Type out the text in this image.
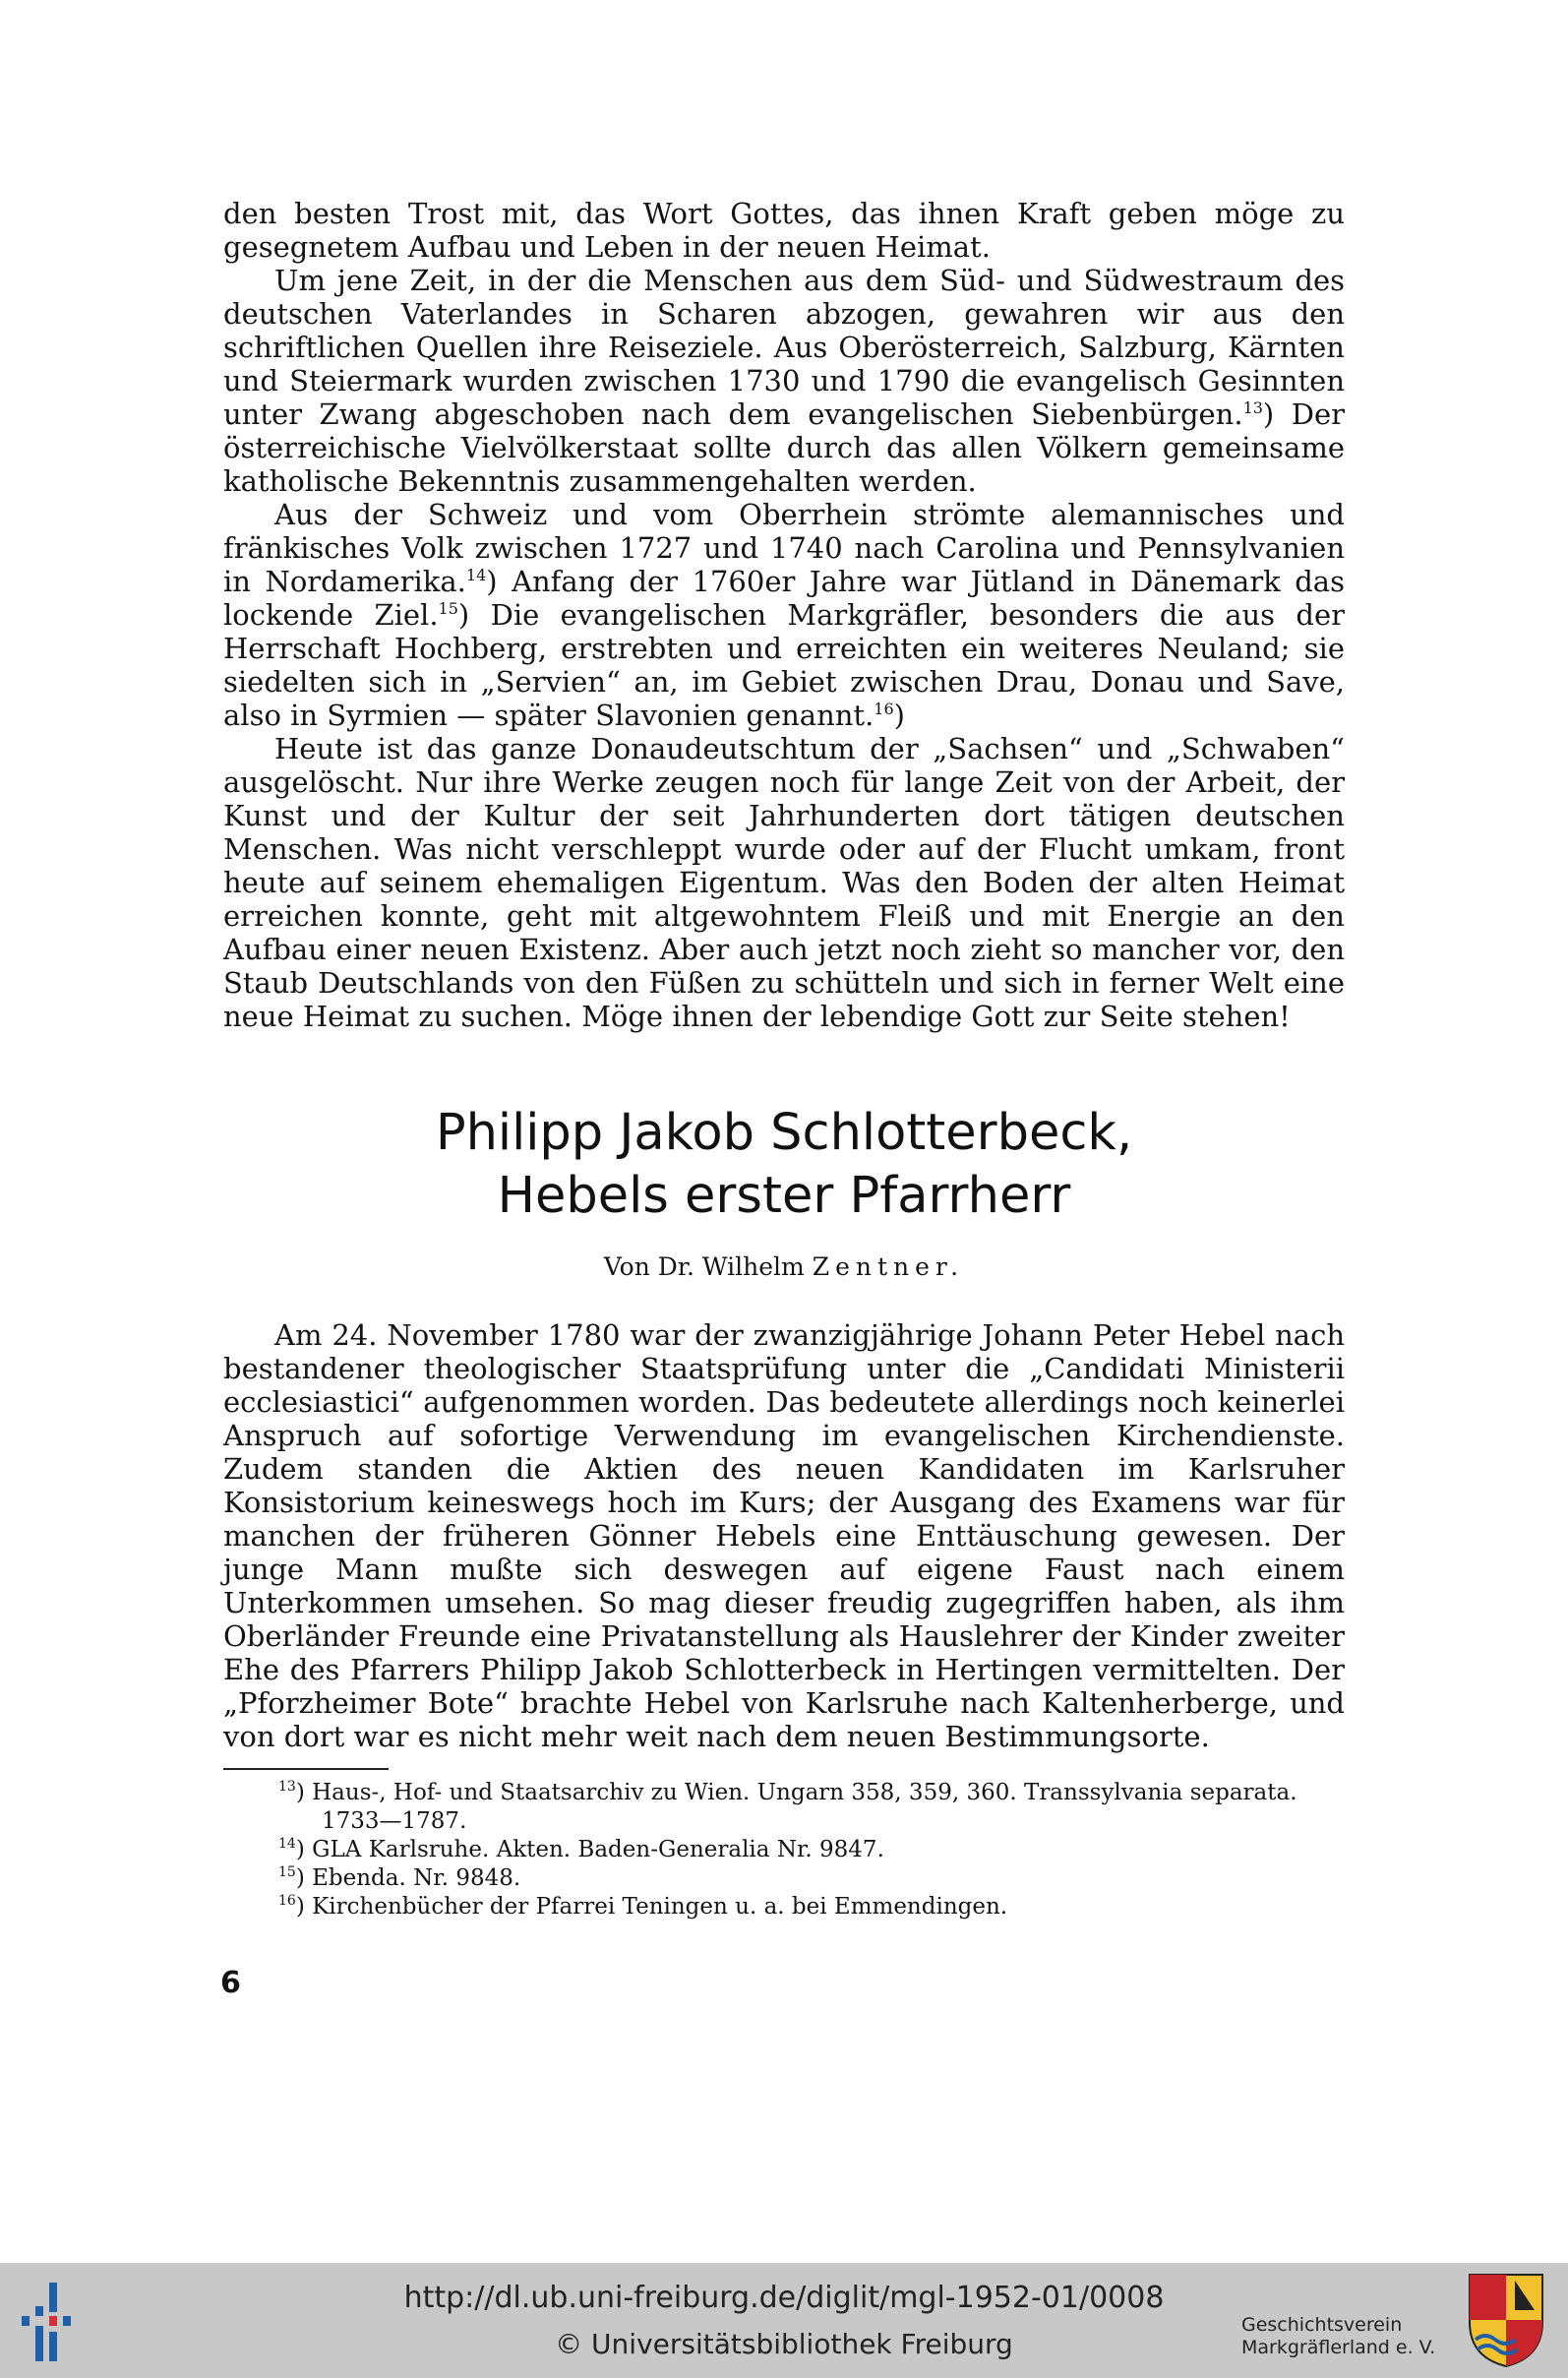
den besten Trost mit, das Wort Gottes, das ihnen Kraft geben möge zu gesegnetem Aufbau und Leben in der neuen Heimat.

Um jene Zeit, in der die Menschen aus dem Süd- und Südwestraum des deutschen Vaterlandes in Scharen abzogen, gewahren wir aus den schriftlichen Quellen ihre Reiseziele. Aus Oberösterreich, Salzburg, Kärnten und Steiermark wurden zwischen 1730 und 1790 die evangelisch Gesinnten unter Zwang abgeschoben nach dem evangelischen Siebenbürgen.$^{13}$) Der österreichische Vielvölkerstaat sollte durch das allen Völkern gemeinsame katholische Bekenntnis zusammengehalten werden.

Aus der Schweiz und vom Oberrhein strömte alemannisches und fränkisches Volk zwischen 1727 und 1740 nach Carolina und Pennsylvanien in Nordamerika.$^{14}$) Anfang der 1760er Jahre war Jütland in Dänemark das lockende Ziel.$^{15}$) Die evangelischen Markgräfler, besonders die aus der Herrschaft Hochberg, erstrebten und erreichten ein weiteres Neuland; sie siedelten sich in „Servien“ an, im Gebiet zwischen Drau, Donau und Save, also in Syrmien — später Slavonien genannt.$^{16}$)

Heute ist das ganze Donaudeutschtum der „Sachsen“ und „Schwaben“ ausgelöscht. Nur ihre Werke zeugen noch für lange Zeit von der Arbeit, der Kunst und der Kultur der seit Jahrhunderten dort tätigen deutschen Menschen. Was nicht verschleppt wurde oder auf der Flucht umkam, front heute auf seinem ehemaligen Eigentum. Was den Boden der alten Heimat erreichen konnte, geht mit altgewohntem Fleiß und mit Energie an den Aufbau einer neuen Existenz. Aber auch jetzt noch zieht so mancher vor, den Staub Deutschlands von den Füßen zu schütteln und sich in ferner Welt eine neue Heimat zu suchen. Möge ihnen der lebendige Gott zur Seite stehen!

Philipp Jakob Schlotterbeck,
Hebels erster Pfarrherr
Von Dr. Wilhelm Zentner.

Am 24. November 1780 war der zwanzigjährige Johann Peter Hebel nach bestandener theologischer Staatsprüfung unter die „Candidati Ministerii ecclesiastici“ aufgenommen worden. Das bedeutete allerdings noch keinerlei Anspruch auf sofortige Verwendung im evangelischen Kirchendienste. Zudem standen die Aktien des neuen Kandidaten im Karlsruher Konsistorium keineswegs hoch im Kurs; der Ausgang des Examens war für manchen der früheren Gönner Hebels eine Enttäuschung gewesen. Der junge Mann mußte sich deswegen auf eigene Faust nach einem Unterkommen umsehen. So mag dieser freudig zugegriffen haben, als ihm Oberländer Freunde eine Privatanstellung als Hauslehrer der Kinder zweiter Ehe des Pfarrers Philipp Jakob Schlotterbeck in Hertingen vermittelten. Der „Pforzheimer Bote“ brachte Hebel von Karlsruhe nach Kaltenherberge, und von dort war es nicht mehr weit nach dem neuen Bestimmungsorte.

$^{13}$) Haus-, Hof- und Staatsarchiv zu Wien. Ungarn 358, 359, 360. Transsylvania separata. 1733—1787.

$^{14}$) GLA Karlsruhe. Akten. Baden-Generalia Nr. 9847.

$^{15}$) Ebenda. Nr. 9848.

$^{16}$) Kirchenbücher der Pfarrei Teningen u. a. bei Emmendingen.

6
http://dl.ub.uni-freiburg.de/diglit/mgl-1952-01/0008
© Universitätsbibliothek Freiburg
Geschichtsverein
Markgräflerland e. V.
